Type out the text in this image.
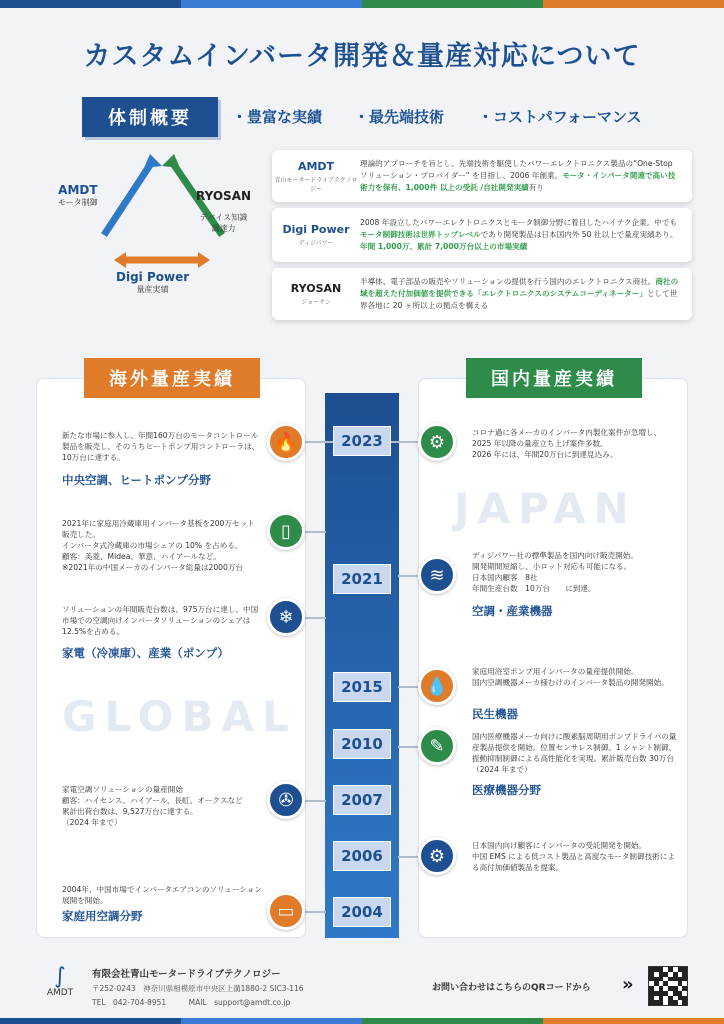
カスタムインバータ開発＆量産対応について
体制概要	・豊富な実績 ・最先端技術 ・コストパフォーマンス
AMDT
モータ制御	RYOSAN

デバイス知識
調達力

Digi Power
量産実績
AMDT
青山モータードライブテクノロジー
理論的アプローチを旨とし、先端技術を駆使したパワーエレクトロニクス製品の“One-Stop ソリューション・プロバイダー” を目指し、2006 年創業。モータ・インバータ関連で高い技術力を保有、1,000件 以上の受託 /自社開発実績有り
Digi Power
ディジパワー
2008 年設立したパワーエレクトロニクスとモータ制御分野に着目したハイテク企業。中でもモータ制御技術は世界トップレベルであり開発製品は日本国内外 50 社以上で量産実績あり。年間 1,000万、累計 7,000万台以上の市場実績
RYOSAN
ジョーサン
半導体、電子部品の販売やソリューションの提供を行う国内のエレクトロニクス商社。商社の域を超えた付加価値を提供できる「エレクトロニクスのシステムコーディネーター」として世界各地に 20 ヶ所以上の拠点を構える
海外量産実績	国内量産実績
GLOBAL
JAPAN
2023
2021
2015
2010
2007
2006
2004
🔥
▯
❄
✇
▭
⚙
≋
💧
✎
⚙
新たな市場に参入し、年間160万台のモータコントロール製品を販売し、そのうちヒートポンプ用コントローラは、10万台に達する。
中央空調、ヒートポンプ分野
2021年に家庭用冷蔵庫用インバータ基板を200万セット販売した。
インバータ式冷蔵庫の市場シェアの 10% を占める。
顧客：美菱、Midea、華意、ハイアールなど。
※2021年の中国メーカのインバータ総量は2000万台
ソリューションの年間販売台数は、975万台に達し、中国市場での空調向けインバータソリューションのシェアは 12.5%を占める。
家電（冷凍庫）、産業（ポンプ）
家電空調ソリューションの量産開始
顧客：ハイセンス、ハイアール、長虹、オークスなど
累計出荷台数は、9,527万台に達する。
（2024 年まで）
2004年、中国市場でインバータエアコンのソリューション展開を開始。
家庭用空調分野
コロナ過に各メーカのインバータ内製化案件が急増し、2025 年以降の量産立ち上げ案件多数。
2026 年には、年間20万台に到達見込み。
ディジパワー社の標準製品を国内向け販売開始。
開発期間短縮し、小ロット対応も可能になる。
日本国内顧客　8社
年間生産台数　10万台　　に到達。
空調・産業機器
家庭用浴室ポンプ用インバータの量産提供開始。
国内空調機器メーカ様むけのインバータ製品の開発開始。
民生機器
国内医療機器メーカ向けに酸素脳周期用ポンプドライバの量産製品提供を開始。位置センサレス制御、1 シャント制御、振動抑制制御による高性能化を実現。累計販売台数 30万台（2024 年まで）
医療機器分野
日本国内向け顧客にインバータの受託開発を開始。
中国 EMS による低コスト製品と高度なモータ制御技術による高付加価値製品を提案。
∫
AMDT
有限会社青山モータードライブテクノロジー
〒252-0243　神奈川県相模原市中央区上溝1880-2 SIC3-116
TEL　042-704-8951　　　MAIL　support@amdt.co.jp
お問い合わせはこちらのQRコードから »
